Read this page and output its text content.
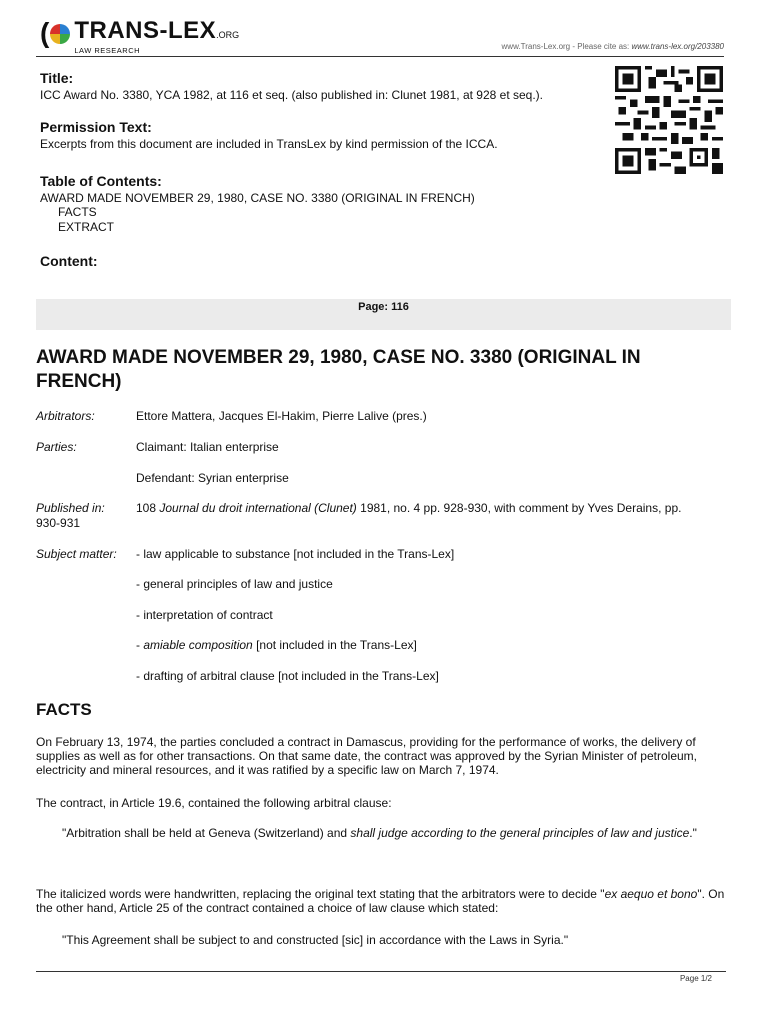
( TRANS-LEX.ORG
LAW RESEARCH	www.Trans-Lex.org - Please cite as: www.trans-lex.org/203380
Title:
ICC Award No. 3380, YCA 1982, at 116 et seq. (also published in: Clunet 1981, at 928 et seq.).
Permission Text:
Excerpts from this document are included in TransLex by kind permission of the ICCA.
Table of Contents:
AWARD MADE NOVEMBER 29, 1980, CASE NO. 3380 (ORIGINAL IN FRENCH)
FACTS
EXTRACT
Content:
Page: 116
AWARD MADE NOVEMBER 29, 1980, CASE NO. 3380 (ORIGINAL IN FRENCH)
Arbitrators:	Ettore Mattera, Jacques El-Hakim, Pierre Lalive (pres.)
Parties:	Claimant: Italian enterprise
Defendant: Syrian enterprise
Published in:	108 Journal du droit international (Clunet) 1981, no. 4 pp. 928-930, with comment by Yves Derains, pp.
930-931
Subject matter: - law applicable to substance [not included in the Trans-Lex]
- general principles of law and justice
- interpretation of contract
- amiable composition [not included in the Trans-Lex]
- drafting of arbitral clause [not included in the Trans-Lex]
FACTS
On February 13, 1974, the parties concluded a contract in Damascus, providing for the performance of works, the delivery of supplies as well as for other transactions. On that same date, the contract was approved by the Syrian Minister of petroleum, electricity and mineral resources, and it was ratified by a specific law on March 7, 1974.
The contract, in Article 19.6, contained the following arbitral clause:
"Arbitration shall be held at Geneva (Switzerland) and shall judge according to the general principles of law and justice."
The italicized words were handwritten, replacing the original text stating that the arbitrators were to decide "ex aequo et bono". On the other hand, Article 25 of the contract contained a choice of law clause which stated:
"This Agreement shall be subject to and constructed [sic] in accordance with the Laws in Syria."
Page 1/2
